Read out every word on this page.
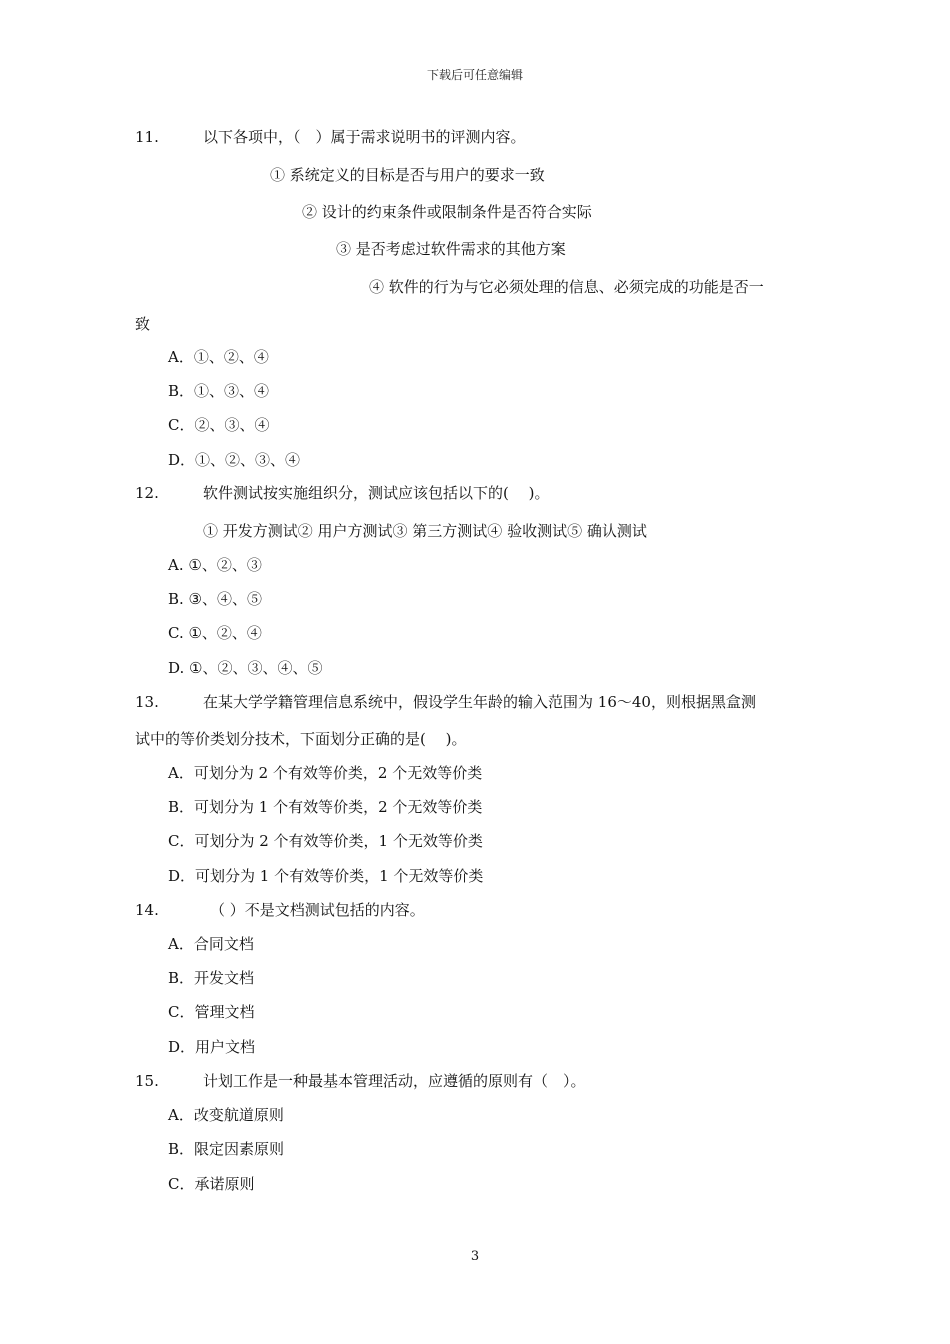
下载后可任意编辑
11.	以下各项中，（　）属于需求说明书的评测内容。
① 系统定义的目标是否与用户的要求一致
② 设计的约束条件或限制条件是否符合实际
③ 是否考虑过软件需求的其他方案
④ 软件的行为与它必须处理的信息、必须完成的功能是否一
致
A．①、②、④
B．①、③、④
C．②、③、④
D．①、②、③、④
12.	软件测试按实施组织分，测试应该包括以下的(　 )。
① 开发方测试② 用户方测试③ 第三方测试④ 验收测试⑤ 确认测试
A. ①、②、③
B. ③、④、⑤
C. ①、②、④
D. ①、②、③、④、⑤
13.	在某大学学籍管理信息系统中，假设学生年龄的输入范围为 16～40，则根据黑盒测
试中的等价类划分技术，下面划分正确的是(　 )。
A．可划分为 2 个有效等价类，2 个无效等价类
B．可划分为 1 个有效等价类，2 个无效等价类
C．可划分为 2 个有效等价类，1 个无效等价类
D．可划分为 1 个有效等价类，1 个无效等价类
14.	（ ）不是文档测试包括的内容。
A．合同文档
B．开发文档
C．管理文档
D．用户文档
15.	计划工作是一种最基本管理活动，应遵循的原则有（　）。
A．改变航道原则
B．限定因素原则
C．承诺原则
3
